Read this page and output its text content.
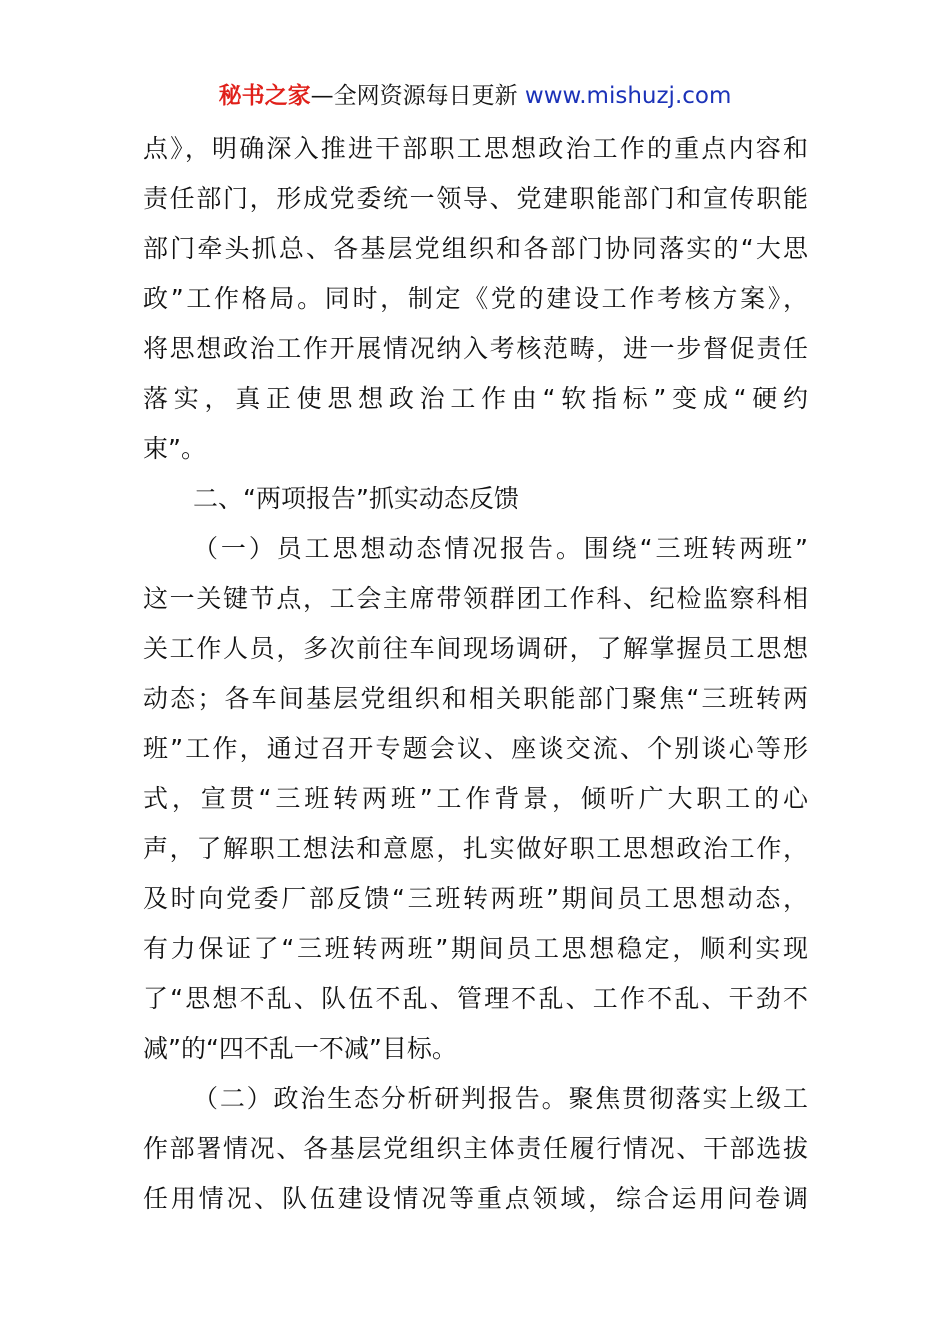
秘书之家—全网资源每日更新 www.mishuzj.com
点》，明确深入推进干部职工思想政治工作的重点内容和
责任部门，形成党委统一领导、党建职能部门和宣传职能
部门牵头抓总、各基层党组织和各部门协同落实的“大思
政”工作格局。同时，制定《党的建设工作考核方案》，
将思想政治工作开展情况纳入考核范畴，进一步督促责任
落实，真正使思想政治工作由“软指标”变成“硬约
束”。
二、“两项报告”抓实动态反馈
（一）员工思想动态情况报告。围绕“三班转两班”
这一关键节点，工会主席带领群团工作科、纪检监察科相
关工作人员，多次前往车间现场调研，了解掌握员工思想
动态；各车间基层党组织和相关职能部门聚焦“三班转两
班”工作，通过召开专题会议、座谈交流、个别谈心等形
式，宣贯“三班转两班”工作背景，倾听广大职工的心
声，了解职工想法和意愿，扎实做好职工思想政治工作，
及时向党委厂部反馈“三班转两班”期间员工思想动态，
有力保证了“三班转两班”期间员工思想稳定，顺利实现
了“思想不乱、队伍不乱、管理不乱、工作不乱、干劲不
减”的“四不乱一不减”目标。
（二）政治生态分析研判报告。聚焦贯彻落实上级工
作部署情况、各基层党组织主体责任履行情况、干部选拔
任用情况、队伍建设情况等重点领域，综合运用问卷调
